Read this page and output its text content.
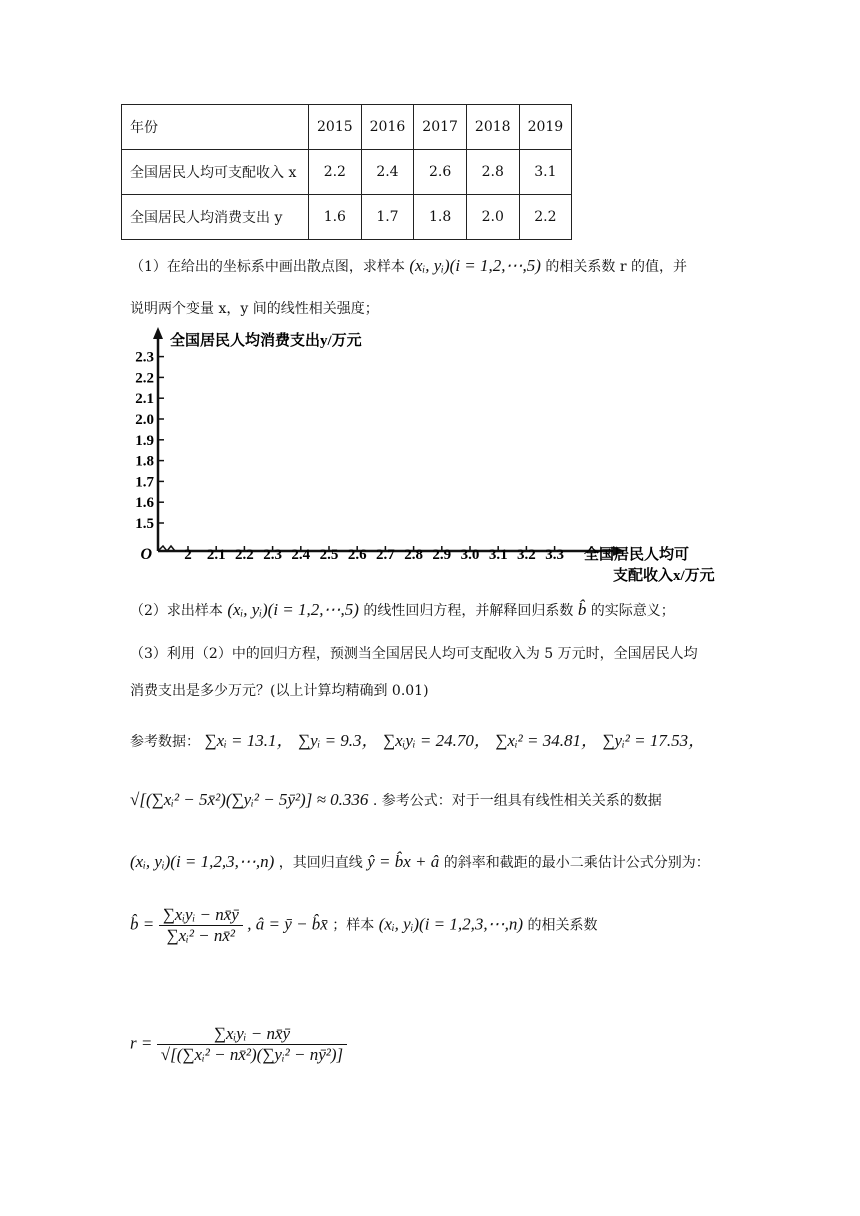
年份	2015	2016	2017	2018	2019
全国居民人均可支配收入 x	2.2	2.4	2.6	2.8	3.1
全国居民人均消费支出 y	1.6	1.7	1.8	2.0	2.2
（1）在给出的坐标系中画出散点图，求样本 (xᵢ, yᵢ)(i = 1,2,⋯,5) 的相关系数 r 的值，并
说明两个变量 x，y 间的线性相关强度；
全国居民人均消费支出y/万元
全国居民人均可
支配收入x/万元
O 2 2.1 2.2 2.3 2.4 2.5 2.6 2.7 2.8 2.9 3.0 3.1 3.2 3.3
1.5
1.6
1.7
1.8
1.9
2.0
2.1
2.2
2.3
（2）求出样本 (xᵢ, yᵢ)(i = 1,2,⋯,5) 的线性回归方程，并解释回归系数 b̂ 的实际意义；
（3）利用（2）中的回归方程，预测当全国居民人均可支配收入为 5 万元时，全国居民人均
消费支出是多少万元？(以上计算均精确到 0.01)
参考数据： ∑xᵢ = 13.1， ∑yᵢ = 9.3， ∑xᵢyᵢ = 24.70， ∑xᵢ² = 34.81， ∑yᵢ² = 17.53，
√[(∑xᵢ² − 5x̄²)(∑yᵢ² − 5ȳ²)] ≈ 0.336 . 参考公式：对于一组具有线性相关关系的数据
(xᵢ, yᵢ)(i = 1,2,3,⋯,n) ，其回归直线 ŷ = b̂x + â 的斜率和截距的最小二乘估计公式分别为：
b̂ = $\frac{\text{∑xᵢyᵢ − nx̄ȳ}}{\text{∑xᵢ² − nx̄²}}$ , â = ȳ − b̂x̄ ；样本 (xᵢ, yᵢ)(i = 1,2,3,⋯,n) 的相关系数
$r = \frac{\text{∑xᵢyᵢ − nx̄ȳ}}{\text{√[(∑xᵢ² − nx̄²)(∑yᵢ² − nȳ²)]}}$
